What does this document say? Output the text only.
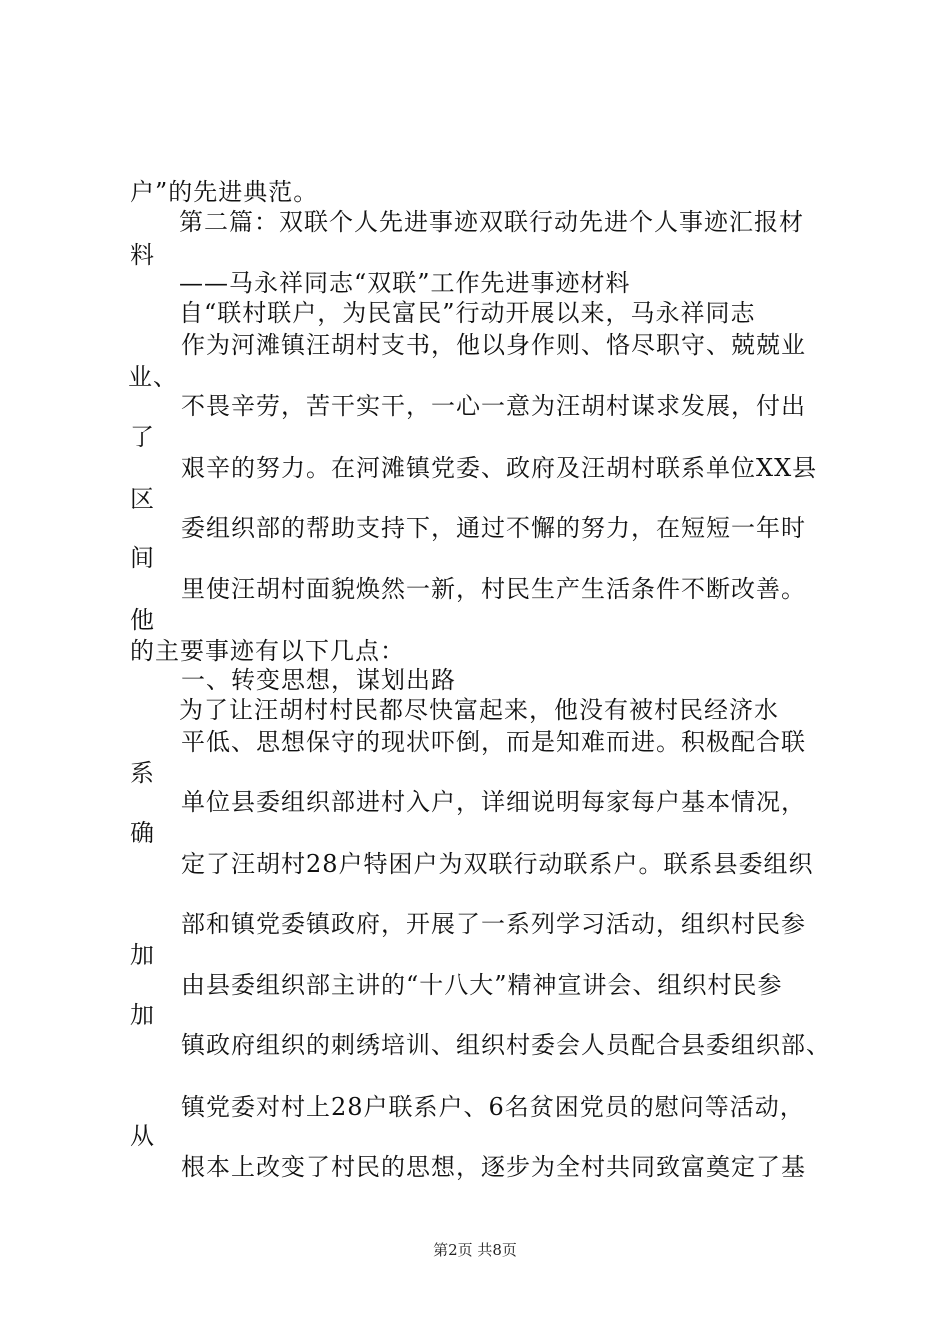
户”的先进典范。
第二篇：双联个人先进事迹双联行动先进个人事迹汇报材
料
——马永祥同志“双联”工作先进事迹材料
自“联村联户，为民富民”行动开展以来，马永祥同志
作为河滩镇汪胡村支书，他以身作则、恪尽职守、兢兢业
业、
不畏辛劳，苦干实干，一心一意为汪胡村谋求发展，付出
了
艰辛的努力。在河滩镇党委、政府及汪胡村联系单位XX县
区
委组织部的帮助支持下，通过不懈的努力，在短短一年时
间
里使汪胡村面貌焕然一新，村民生产生活条件不断改善。
他
的主要事迹有以下几点：
一、转变思想，谋划出路
为了让汪胡村村民都尽快富起来，他没有被村民经济水
平低、思想保守的现状吓倒，而是知难而进。积极配合联
系
单位县委组织部进村入户，详细说明每家每户基本情况，
确
定了汪胡村28户特困户为双联行动联系户。联系县委组织
部和镇党委镇政府，开展了一系列学习活动，组织村民参
加
由县委组织部主讲的“十八大”精神宣讲会、组织村民参
加
镇政府组织的刺绣培训、组织村委会人员配合县委组织部、
镇党委对村上28户联系户、6名贫困党员的慰问等活动，
从
根本上改变了村民的思想，逐步为全村共同致富奠定了基
第2页 共8页
